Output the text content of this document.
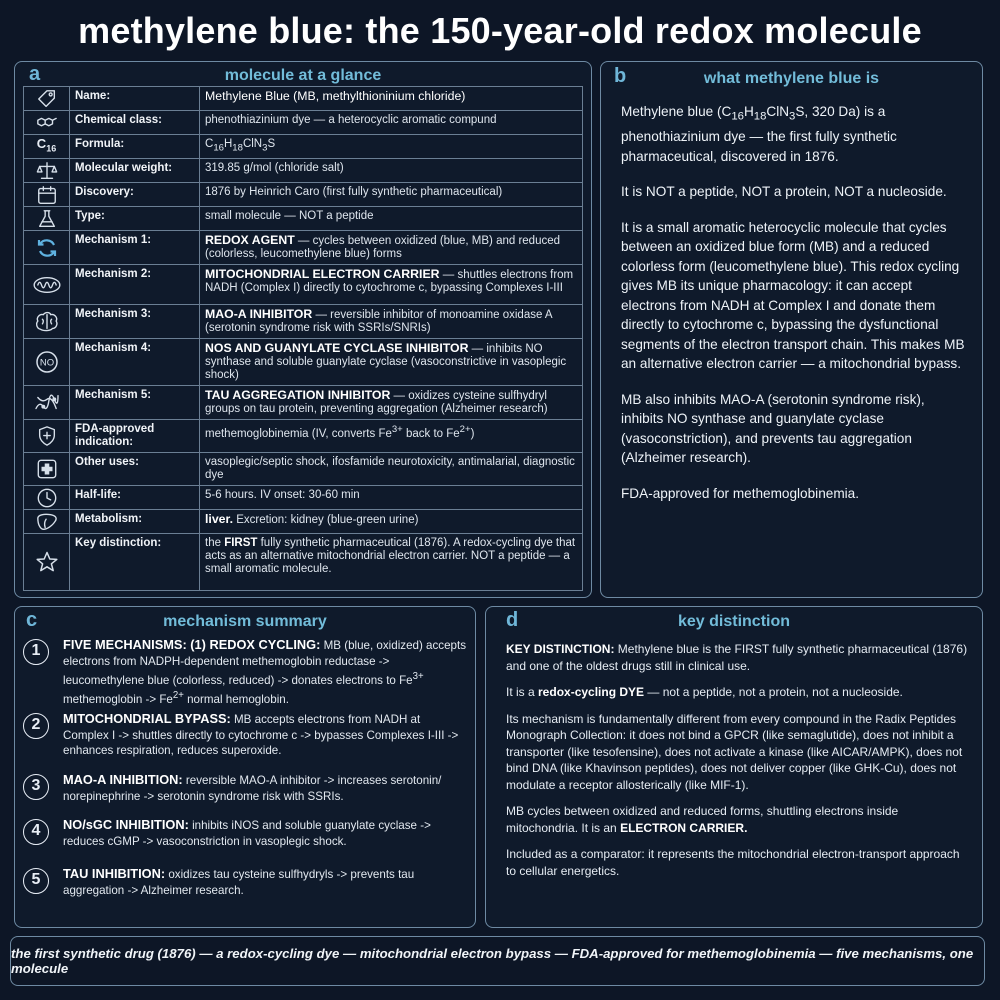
methylene blue: the 150-year-old redox molecule
a	molecule at a glance
	Name:	Methylene Blue (MB, methylthioninium chloride)

	Chemical class:	phenothiazinium dye — a heterocyclic aromatic compund
$C_{16}$	Formula:	$C_{16}H_{18}ClN_3S$

	Molecular weight:	319.85 g/mol (chloride salt)

	Discovery:	1876 by Heinrich Caro (first fully synthetic pharmaceutical)

	Type:	small molecule — NOT a peptide

	Mechanism 1:	REDOX AGENT — cycles between oxidized (blue, MB) and reduced (colorless, leucomethylene blue) forms

	Mechanism 2:	MITOCHONDRIAL ELECTRON CARRIER — shuttles electrons from NADH (Complex I) directly to cytochrome c, bypassing Complexes I-III

	Mechanism 3:	MAO-A INHIBITOR — reversible inhibitor of monoamine oxidase A (serotonin syndrome risk with SSRIs/SNRIs)

NO	Mechanism 4:	NOS AND GUANYLATE CYCLASE INHIBITOR — inhibits NO synthase and soluble guanylate cyclase (vasoconstrictive in vasoplegic shock)

	Mechanism 5:	TAU AGGREGATION INHIBITOR — oxidizes cysteine sulfhydryl groups on tau protein, preventing aggregation (Alzheimer research)

	FDA-approved indication:	methemoglobinemia (IV, converts $Fe^{3+}$ back to $Fe^{2+}$)

	Other uses:	vasoplegic/septic shock, ifosfamide neurotoxicity, antimalarial, diagnostic dye

	Half-life:	5-6 hours. IV onset: 30-60 min

	Metabolism:	liver. Excretion: kidney (blue-green urine)

	Key distinction:	the FIRST fully synthetic pharmaceutical (1876). A redox-cycling dye that acts as an alternative mitochondrial electron carrier. NOT a peptide — a small aromatic molecule.
b	what methylene blue is

Methylene blue ($C_{16}H_{18}ClN_3S$, 320 Da) is a phenothiazinium dye — the first fully synthetic pharmaceutical, discovered in 1876.

It is NOT a peptide, NOT a protein, NOT a nucleoside.

It is a small aromatic heterocyclic molecule that cycles between an oxidized blue form (MB) and a reduced colorless form (leucomethylene blue). This redox cycling gives MB its unique pharmacology: it can accept electrons from NADH at Complex I and donate them directly to cytochrome c, bypassing the dysfunctional segments of the electron transport chain. This makes MB an alternative electron carrier — a mitochondrial bypass.

MB also inhibits MAO-A (serotonin syndrome risk), inhibits NO synthase and guanylate cyclase (vasoconstriction), and prevents tau aggregation (Alzheimer research).

FDA-approved for methemoglobinemia.

c	mechanism summary
1	FIVE MECHANISMS: (1) REDOX CYCLING: MB (blue, oxidized) accepts electrons from NADPH-dependent methemoglobin reductase -> leucomethylene blue (colorless, reduced) -> donates electrons to $Fe^{3+}$ methemoglobin -> $Fe^{2+}$ normal hemoglobin.
2	MITOCHONDRIAL BYPASS: MB accepts electrons from NADH at Complex I -> shuttles directly to cytochrome c -> bypasses Complexes I-III -> enhances respiration, reduces superoxide.
3	MAO-A INHIBITION: reversible MAO-A inhibitor -> increases serotonin/ norepinephrine -> serotonin syndrome risk with SSRIs.
4	NO/sGC INHIBITION: inhibits iNOS and soluble guanylate cyclase -> reduces cGMP -> vasoconstriction in vasoplegic shock.
5	TAU INHIBITION: oxidizes tau cysteine sulfhydryls -> prevents tau aggregation -> Alzheimer research.
d	key distinction

KEY DISTINCTION: Methylene blue is the FIRST fully synthetic pharmaceutical (1876) and one of the oldest drugs still in clinical use.

It is a redox-cycling DYE — not a peptide, not a protein, not a nucleoside.

Its mechanism is fundamentally different from every compound in the Radix Peptides Monograph Collection: it does not bind a GPCR (like semaglutide), does not inhibit a transporter (like tesofensine), does not activate a kinase (like AICAR/AMPK), does not bind DNA (like Khavinson peptides), does not deliver copper (like GHK-Cu), does not modulate a receptor allosterically (like MIF-1).

MB cycles between oxidized and reduced forms, shuttling electrons inside mitochondria. It is an ELECTRON CARRIER.

Included as a comparator: it represents the mitochondrial electron-transport approach to cellular energetics.

the first synthetic drug (1876) — a redox-cycling dye — mitochondrial electron bypass — FDA-approved for methemoglobinemia — five mechanisms, one molecule
